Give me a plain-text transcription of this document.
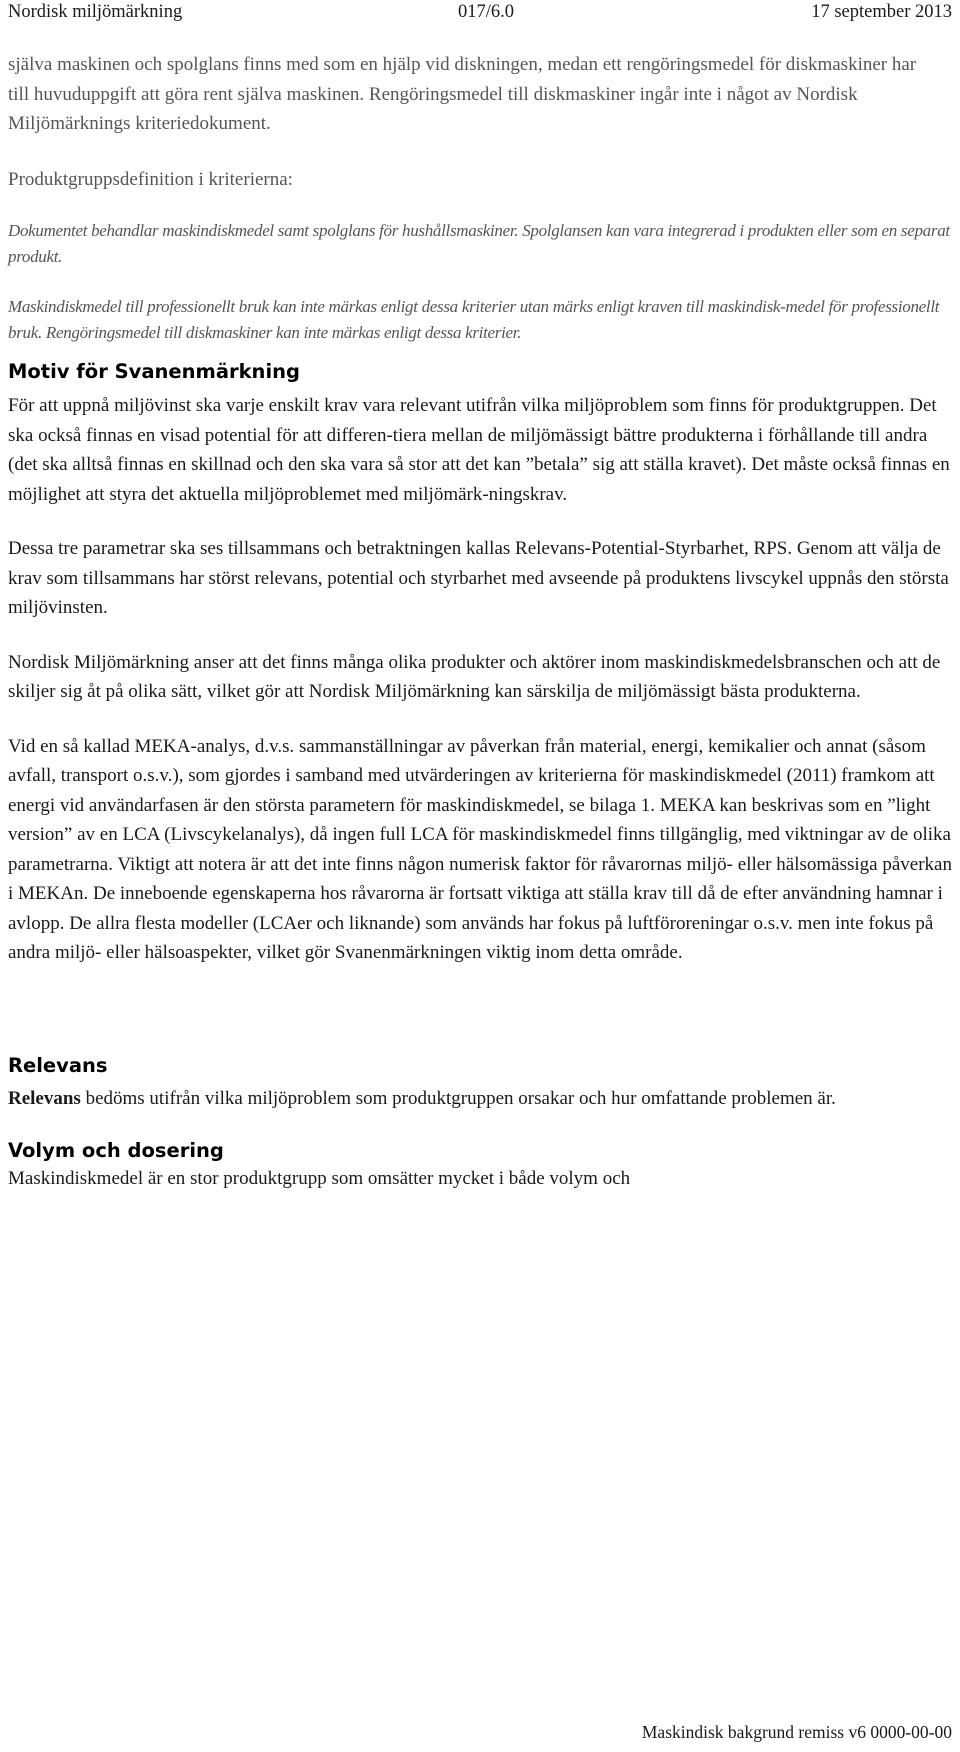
Nordisk miljömärkning	017/6.0	17 september 2013

själva maskinen och spolglans finns med som en hjälp vid diskningen, medan ett rengöringsmedel för diskmaskiner har till huvuduppgift att göra rent själva maskinen. Rengöringsmedel till diskmaskiner ingår inte i något av Nordisk Miljömärknings kriteriedokument.

Produktgruppsdefinition i kriterierna:

Dokumentet behandlar maskindiskmedel samt spolglans för hushållsmaskiner. Spolglansen kan vara integrerad i produkten eller som en separat produkt.

Maskindiskmedel till professionellt bruk kan inte märkas enligt dessa kriterier utan märks enligt kraven till maskindisk-medel för professionellt bruk. Rengöringsmedel till diskmaskiner kan inte märkas enligt dessa kriterier.

Motiv för Svanenmärkning

För att uppnå miljövinst ska varje enskilt krav vara relevant utifrån vilka miljöproblem som finns för produktgruppen. Det ska också finnas en visad potential för att differen-tiera mellan de miljömässigt bättre produkterna i förhållande till andra (det ska alltså finnas en skillnad och den ska vara så stor att det kan ”betala” sig att ställa kravet). Det måste också finnas en möjlighet att styra det aktuella miljöproblemet med miljömärk-ningskrav.

Dessa tre parametrar ska ses tillsammans och betraktningen kallas Relevans-Potential-Styrbarhet, RPS. Genom att välja de krav som tillsammans har störst relevans, potential och styrbarhet med avseende på produktens livscykel uppnås den största miljövinsten.

Nordisk Miljömärkning anser att det finns många olika produkter och aktörer inom maskindiskmedelsbranschen och att de skiljer sig åt på olika sätt, vilket gör att Nordisk Miljömärkning kan särskilja de miljömässigt bästa produkterna.

Vid en så kallad MEKA-analys, d.v.s. sammanställningar av påverkan från material, energi, kemikalier och annat (såsom avfall, transport o.s.v.), som gjordes i samband med utvärderingen av kriterierna för maskindiskmedel (2011) framkom att energi vid användarfasen är den största parametern för maskindiskmedel, se bilaga 1. MEKA kan beskrivas som en ”light version” av en LCA (Livscykelanalys), då ingen full LCA för maskindiskmedel finns tillgänglig, med viktningar av de olika parametrarna. Viktigt att notera är att det inte finns någon numerisk faktor för råvarornas miljö- eller hälsomässiga påverkan i MEKAn. De inneboende egenskaperna hos råvarorna är fortsatt viktiga att ställa krav till då de efter användning hamnar i avlopp. De allra flesta modeller (LCAer och liknande) som används har fokus på luftföroreningar o.s.v. men inte fokus på andra miljö- eller hälsoaspekter, vilket gör Svanenmärkningen viktig inom detta område.

Relevans

Relevans bedöms utifrån vilka miljöproblem som produktgruppen orsakar och hur omfattande problemen är.

Volym och dosering

Maskindiskmedel är en stor produktgrupp som omsätter mycket i både volym och

Maskindisk bakgrund remiss v6 0000-00-00
